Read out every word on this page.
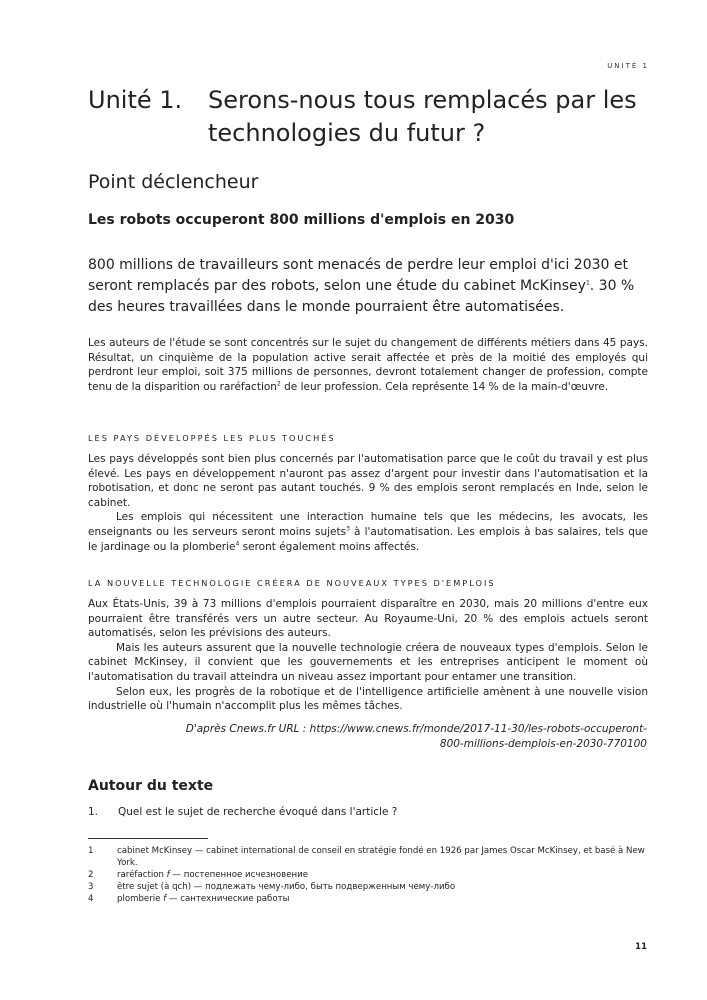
UNITÉ 1
Unité 1. Serons-nous tous remplacés par les technologies du futur ?
Point déclencheur
Les robots occuperont 800 millions d'emplois en 2030

800 millions de travailleurs sont menacés de perdre leur emploi d'ici 2030 et seront remplacés par des robots, selon une étude du cabinet McKinsey$^1$. 30 % des heures travaillées dans le monde pourraient être automatisées.

Les auteurs de l'étude se sont concentrés sur le sujet du changement de différents métiers dans 45 pays. Résultat, un cinquième de la population active serait affectée et près de la moitié des employés qui perdront leur emploi, soit 375 millions de personnes, devront totalement changer de profession, compte tenu de la disparition ou raréfaction$^2$ de leur profession. Cela représente 14 % de la main-d'œuvre.

LES PAYS DÉVELOPPÉS LES PLUS TOUCHÉS

Les pays développés sont bien plus concernés par l'automatisation parce que le coût du travail y est plus élevé. Les pays en développement n'auront pas assez d'argent pour investir dans l'automatisation et la robotisation, et donc ne seront pas autant touchés. 9 % des emplois seront remplacés en Inde, selon le cabinet.

Les emplois qui nécessitent une interaction humaine tels que les médecins, les avocats, les enseignants ou les serveurs seront moins sujets$^3$ à l'automatisation. Les emplois à bas salaires, tels que le jardinage ou la plomberie$^4$ seront également moins affectés.

LA NOUVELLE TECHNOLOGIE CRÉERA DE NOUVEAUX TYPES D'EMPLOIS

Aux États-Unis, 39 à 73 millions d'emplois pourraient disparaître en 2030, mais 20 millions d'entre eux pourraient être transférés vers un autre secteur. Au Royaume-Uni, 20 % des emplois actuels seront automatisés, selon les prévisions des auteurs.

Mais les auteurs assurent que la nouvelle technologie créera de nouveaux types d'emplois. Selon le cabinet McKinsey, il convient que les gouvernements et les entreprises anticipent le moment où l'automatisation du travail atteindra un niveau assez important pour entamer une transition.

Selon eux, les progrès de la robotique et de l'intelligence artificielle amènent à une nouvelle vision industrielle où l'humain n'accomplit plus les mêmes tâches.

D'après Cnews.fr URL : https://www.cnews.fr/monde/2017-11-30/les-robots-occuperont-800-millions-demplois-en-2030-770100

Autour du texte
1. Quel est le sujet de recherche évoqué dans l'article ?
1	cabinet McKinsey — cabinet international de conseil en stratégie fondé en 1926 par James Oscar McKinsey, et basé à New York.
2	raréfaction f — постепенное исчезновение
3	être sujet (à qch) — подлежать чему-либо, быть подверженным чему-либо
4	plomberie f — сантехнические работы
11
